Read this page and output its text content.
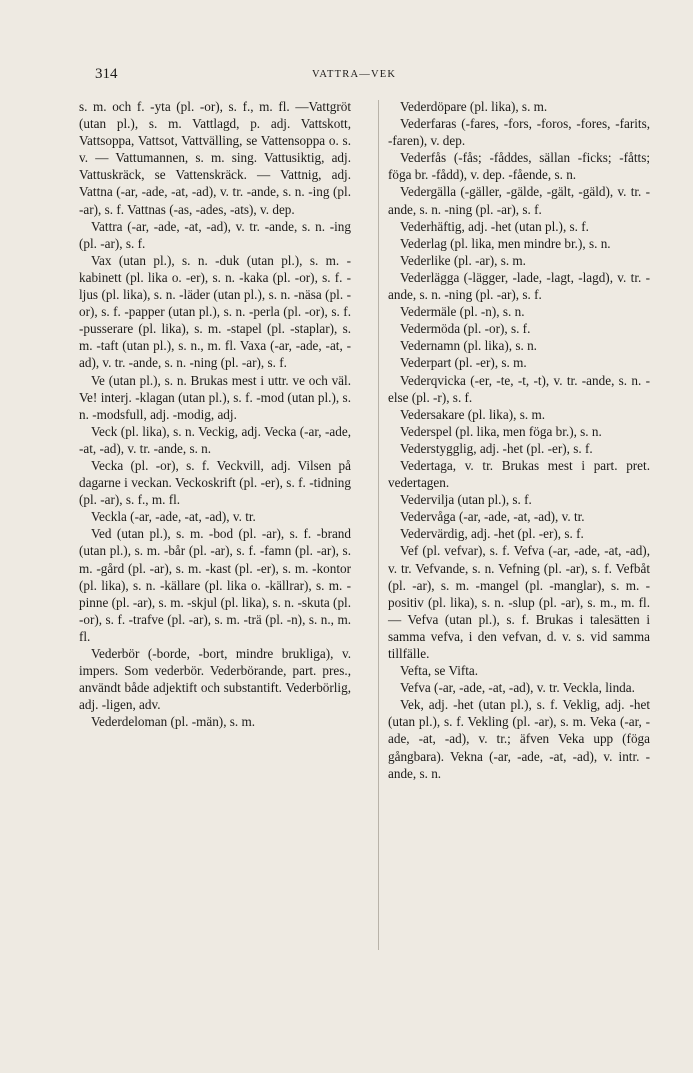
314	VATTRA—VEK

s. m. och f. -yta (pl. -or), s. f., m. fl. —Vattgröt (utan pl.), s. m. Vattlagd, p. adj. Vattskott, Vattsoppa, Vattsot, Vattvälling, se Vattensoppa o. s. v. — Vattumannen, s. m. sing. Vattusiktig, adj. Vattuskräck, se Vattenskräck. — Vattnig, adj. Vattna (-ar, -ade, -at, -ad), v. tr. -ande, s. n. -ing (pl. -ar), s. f. Vattnas (-as, -ades, -ats), v. dep.

Vattra (-ar, -ade, -at, -ad), v. tr. -ande, s. n. -ing (pl. -ar), s. f.

Vax (utan pl.), s. n. -duk (utan pl.), s. m. -kabinett (pl. lika o. -er), s. n. -kaka (pl. -or), s. f. -ljus (pl. lika), s. n. -läder (utan pl.), s. n. -näsa (pl. -or), s. f. -papper (utan pl.), s. n. -perla (pl. -or), s. f. -pusserare (pl. lika), s. m. -stapel (pl. -staplar), s. m. -taft (utan pl.), s. n., m. fl. Vaxa (-ar, -ade, -at, -ad), v. tr. -ande, s. n. -ning (pl. -ar), s. f.

Ve (utan pl.), s. n. Brukas mest i uttr. ve och väl. Ve! interj. -klagan (utan pl.), s. f. -mod (utan pl.), s. n. -modsfull, adj. -modig, adj.

Veck (pl. lika), s. n. Veckig, adj. Vecka (-ar, -ade, -at, -ad), v. tr. -ande, s. n.

Vecka (pl. -or), s. f. Veckvill, adj. Vilsen på dagarne i veckan. Veckoskrift (pl. -er), s. f. -tidning (pl. -ar), s. f., m. fl.

Veckla (-ar, -ade, -at, -ad), v. tr.

Ved (utan pl.), s. m. -bod (pl. -ar), s. f. -brand (utan pl.), s. m. -bår (pl. -ar), s. f. -famn (pl. -ar), s. m. -gård (pl. -ar), s. m. -kast (pl. -er), s. m. -kontor (pl. lika), s. n. -källare (pl. lika o. -källrar), s. m. -pinne (pl. -ar), s. m. -skjul (pl. lika), s. n. -skuta (pl. -or), s. f. -trafve (pl. -ar), s. m. -trä (pl. -n), s. n., m. fl.

Vederbör (-borde, -bort, mindre brukliga), v. impers. Som vederbör. Vederbörande, part. pres., användt både adjektift och substantift. Vederbörlig, adj. -ligen, adv.

Vederdeloman (pl. -män), s. m.

Vederdöpare (pl. lika), s. m.

Vederfaras (-fares, -fors, -foros, -fores, -farits, -faren), v. dep.

Vederfås (-fås; -fåddes, sällan -ficks; -fåtts; föga br. -fådd), v. dep. -fående, s. n.

Vedergälla (-gäller, -gälde, -gält, -gäld), v. tr. -ande, s. n. -ning (pl. -ar), s. f.

Vederhäftig, adj. -het (utan pl.), s. f.

Vederlag (pl. lika, men mindre br.), s. n.

Vederlike (pl. -ar), s. m.

Vederlägga (-lägger, -lade, -lagt, -lagd), v. tr. -ande, s. n. -ning (pl. -ar), s. f.

Vedermäle (pl. -n), s. n.

Vedermöda (pl. -or), s. f.

Vedernamn (pl. lika), s. n.

Vederpart (pl. -er), s. m.

Vederqvicka (-er, -te, -t, -t), v. tr. -ande, s. n. -else (pl. -r), s. f.

Vedersakare (pl. lika), s. m.

Vederspel (pl. lika, men föga br.), s. n.

Vederstygglig, adj. -het (pl. -er), s. f.

Vedertaga, v. tr. Brukas mest i part. pret. vedertagen.

Vedervilja (utan pl.), s. f.

Vedervåga (-ar, -ade, -at, -ad), v. tr.

Vedervärdig, adj. -het (pl. -er), s. f.

Vef (pl. vefvar), s. f. Vefva (-ar, -ade, -at, -ad), v. tr. Vefvande, s. n. Vefning (pl. -ar), s. f. Vefbåt (pl. -ar), s. m. -mangel (pl. -manglar), s. m. -positiv (pl. lika), s. n. -slup (pl. -ar), s. m., m. fl. — Vefva (utan pl.), s. f. Brukas i talesätten i samma vefva, i den vefvan, d. v. s. vid samma tillfälle.

Vefta, se Vifta.

Vefva (-ar, -ade, -at, -ad), v. tr. Veckla, linda.

Vek, adj. -het (utan pl.), s. f. Veklig, adj. -het (utan pl.), s. f. Vekling (pl. -ar), s. m. Veka (-ar, -ade, -at, -ad), v. tr.; äfven Veka upp (föga gångbara). Vekna (-ar, -ade, -at, -ad), v. intr. -ande, s. n.
